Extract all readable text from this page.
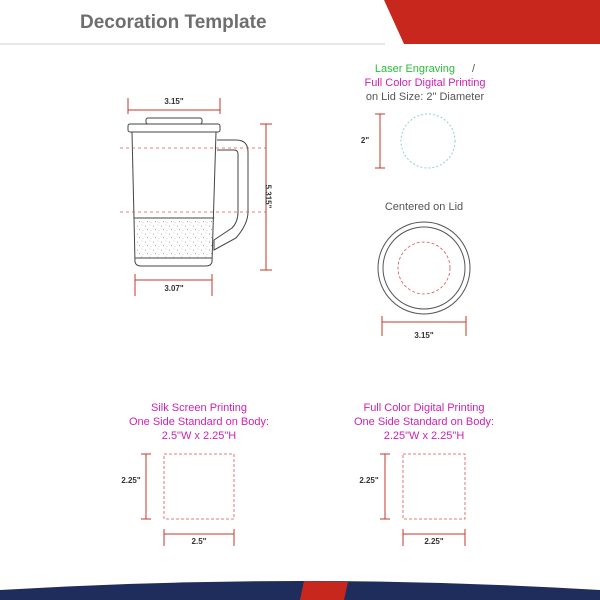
Decoration Template
3.15"
3.07"
5.315"
Laser Engraving /
Full Color Digital Printing
on Lid Size: 2" Diameter
2"
Centered on Lid
3.15"
Silk Screen Printing
One Side Standard on Body:
2.5"W x 2.25"H
2.25"
2.5"
Full Color Digital Printing
One Side Standard on Body:
2.25"W x 2.25"H
2.25"
2.25"
